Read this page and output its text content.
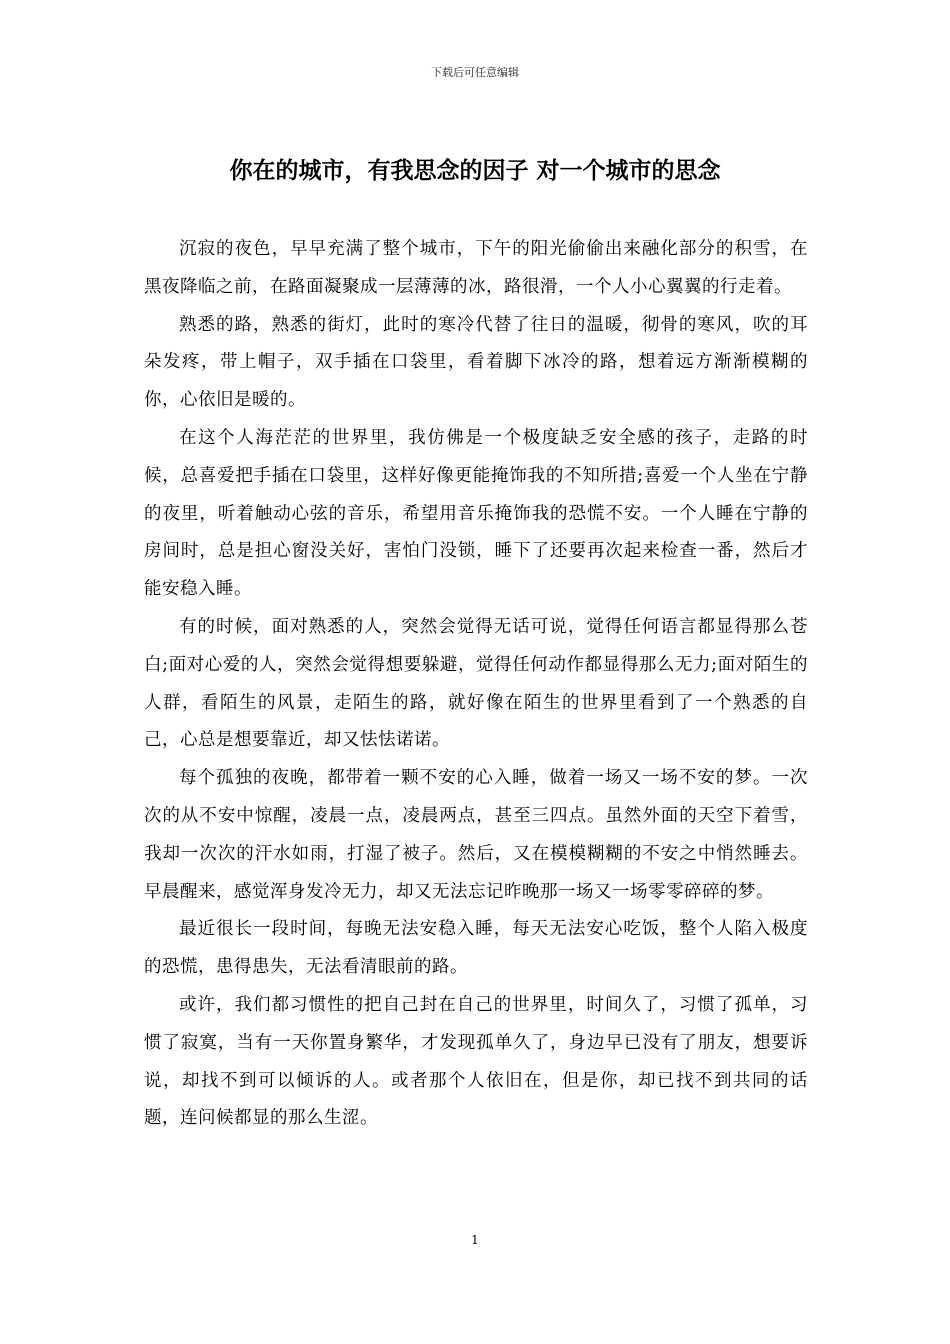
下载后可任意编辑
你在的城市，有我思念的因子 对一个城市的思念

沉寂的夜色，早早充满了整个城市，下午的阳光偷偷出来融化部分的积雪，在黑夜降临之前，在路面凝聚成一层薄薄的冰，路很滑，一个人小心翼翼的行走着。

熟悉的路，熟悉的街灯，此时的寒冷代替了往日的温暖，彻骨的寒风，吹的耳朵发疼，带上帽子，双手插在口袋里，看着脚下冰冷的路，想着远方渐渐模糊的你，心依旧是暖的。

在这个人海茫茫的世界里，我仿佛是一个极度缺乏安全感的孩子，走路的时候，总喜爱把手插在口袋里，这样好像更能掩饰我的不知所措;喜爱一个人坐在宁静的夜里，听着触动心弦的音乐，希望用音乐掩饰我的恐慌不安。一个人睡在宁静的房间时，总是担心窗没关好，害怕门没锁，睡下了还要再次起来检查一番，然后才能安稳入睡。

有的时候，面对熟悉的人，突然会觉得无话可说，觉得任何语言都显得那么苍白;面对心爱的人，突然会觉得想要躲避，觉得任何动作都显得那么无力;面对陌生的人群，看陌生的风景，走陌生的路，就好像在陌生的世界里看到了一个熟悉的自己，心总是想要靠近，却又怯怯诺诺。

每个孤独的夜晚，都带着一颗不安的心入睡，做着一场又一场不安的梦。一次次的从不安中惊醒，凌晨一点，凌晨两点，甚至三四点。虽然外面的天空下着雪，我却一次次的汗水如雨，打湿了被子。然后，又在模模糊糊的不安之中悄然睡去。早晨醒来，感觉浑身发冷无力，却又无法忘记昨晚那一场又一场零零碎碎的梦。

最近很长一段时间，每晚无法安稳入睡，每天无法安心吃饭，整个人陷入极度的恐慌，患得患失，无法看清眼前的路。

或许，我们都习惯性的把自己封在自己的世界里，时间久了，习惯了孤单，习惯了寂寞，当有一天你置身繁华，才发现孤单久了，身边早已没有了朋友，想要诉说，却找不到可以倾诉的人。或者那个人依旧在，但是你，却已找不到共同的话题，连问候都显的那么生涩。

1
